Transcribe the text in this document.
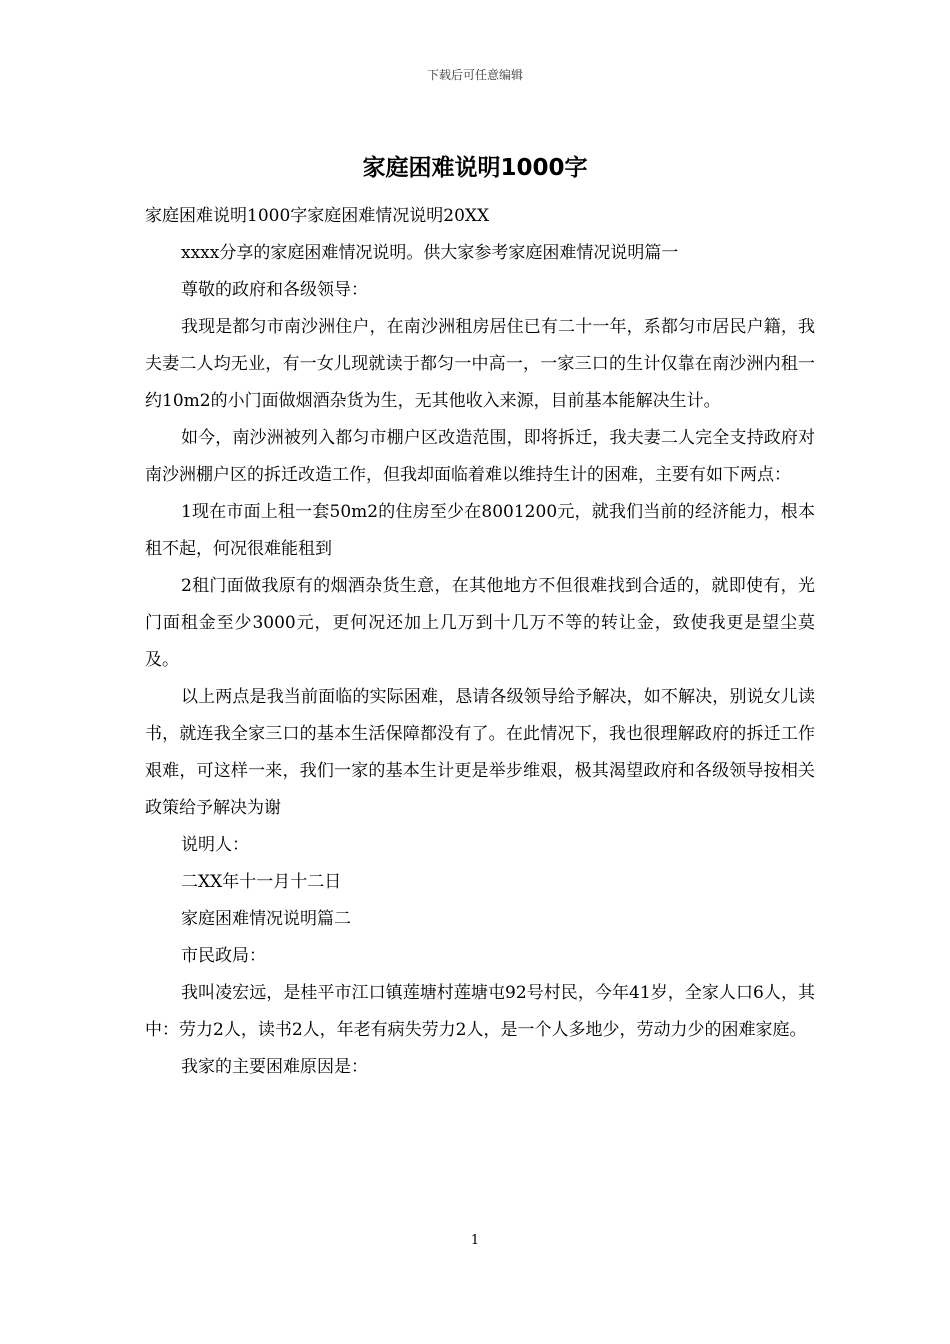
下载后可任意编辑
家庭困难说明1000字

家庭困难说明1000字家庭困难情况说明20XX

xxxx分享的家庭困难情况说明。供大家参考家庭困难情况说明篇一

尊敬的政府和各级领导：

我现是都匀市南沙洲住户，在南沙洲租房居住已有二十一年，系都匀市居民户籍，我夫妻二人均无业，有一女儿现就读于都匀一中高一，一家三口的生计仅靠在南沙洲内租一约10m2的小门面做烟酒杂货为生，无其他收入来源，目前基本能解决生计。

如今，南沙洲被列入都匀市棚户区改造范围，即将拆迁，我夫妻二人完全支持政府对南沙洲棚户区的拆迁改造工作，但我却面临着难以维持生计的困难，主要有如下两点：

1现在市面上租一套50m2的住房至少在8001200元，就我们当前的经济能力，根本租不起，何况很难能租到

2租门面做我原有的烟酒杂货生意，在其他地方不但很难找到合适的，就即使有，光门面租金至少3000元，更何况还加上几万到十几万不等的转让金，致使我更是望尘莫及。

以上两点是我当前面临的实际困难，恳请各级领导给予解决，如不解决，别说女儿读书，就连我全家三口的基本生活保障都没有了。在此情况下，我也很理解政府的拆迁工作艰难，可这样一来，我们一家的基本生计更是举步维艰，极其渴望政府和各级领导按相关政策给予解决为谢

说明人：

二XX年十一月十二日

家庭困难情况说明篇二

市民政局：

我叫凌宏远，是桂平市江口镇莲塘村莲塘屯92号村民，今年41岁，全家人口6人，其中：劳力2人，读书2人，年老有病失劳力2人，是一个人多地少，劳动力少的困难家庭。

我家的主要困难原因是：

1
